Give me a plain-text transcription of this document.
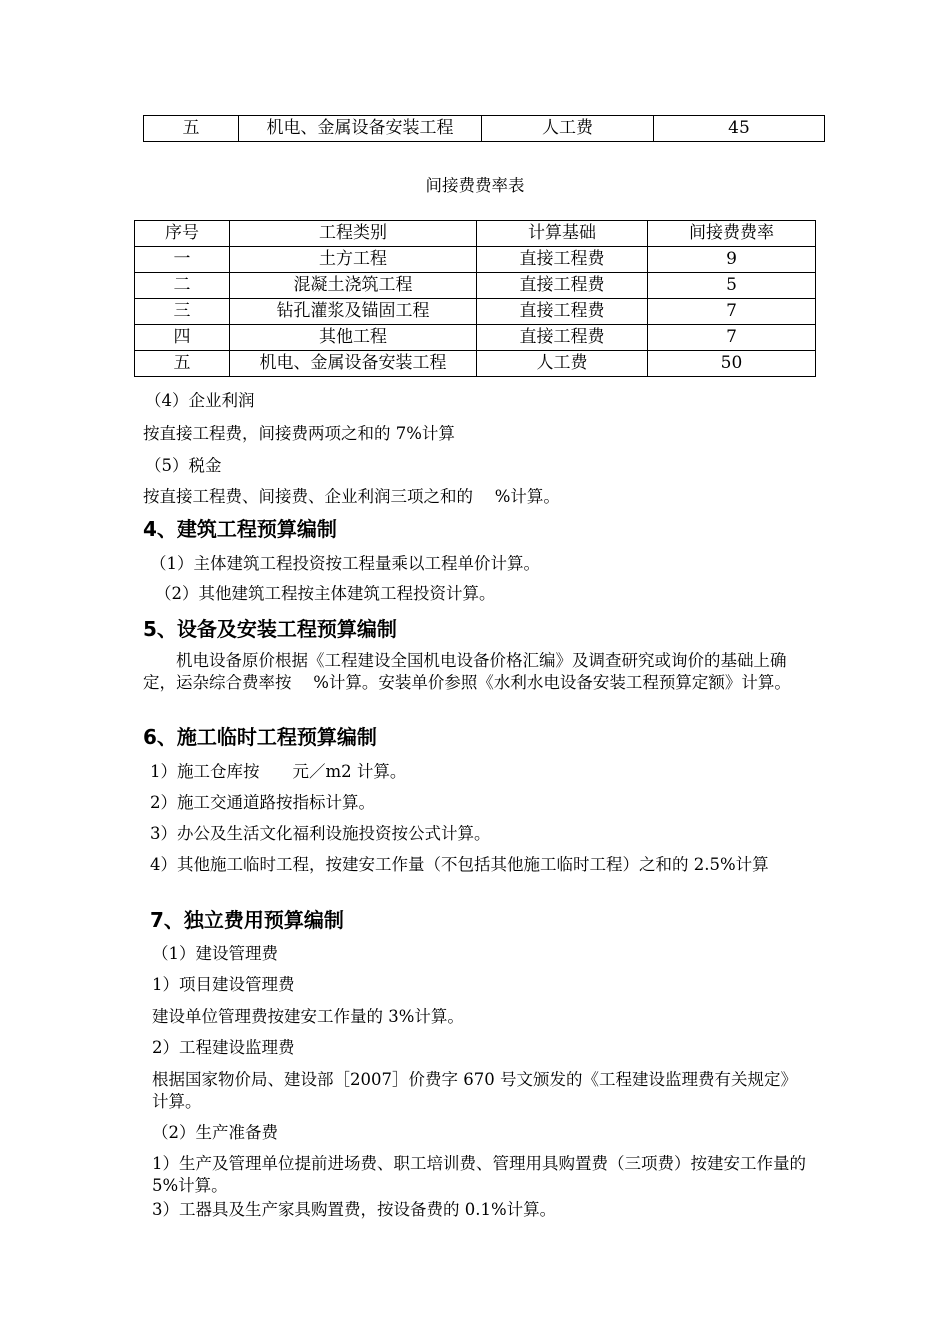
五	机电、金属设备安装工程	人工费	45
间接费费率表
序号	工程类别	计算基础	间接费费率
一	土方工程	直接工程费	9
二	混凝土浇筑工程	直接工程费	5
三	钻孔灌浆及锚固工程	直接工程费	7
四	其他工程	直接工程费	7
五	机电、金属设备安装工程	人工费	50
（4）企业利润
按直接工程费，间接费两项之和的 7%计算
（5）税金
按直接工程费、间接费、企业利润三项之和的　 %计算。
4、建筑工程预算编制
（1）主体建筑工程投资按工程量乘以工程单价计算。
（2）其他建筑工程按主体建筑工程投资计算。
5、设备及安装工程预算编制
　　机电设备原价根据《工程建设全国机电设备价格汇编》及调查研究或询价的基础上确定，运杂综合费率按　 %计算。安装单价参照《水利水电设备安装工程预算定额》计算。
6、施工临时工程预算编制
1）施工仓库按　　元／m2 计算。
2）施工交通道路按指标计算。
3）办公及生活文化福利设施投资按公式计算。
4）其他施工临时工程，按建安工作量（不包括其他施工临时工程）之和的 2.5%计算
7、独立费用预算编制
（1）建设管理费
1）项目建设管理费
建设单位管理费按建安工作量的 3%计算。
2）工程建设监理费
根据国家物价局、建设部［2007］价费字 670 号文颁发的《工程建设监理费有关规定》计算。
（2）生产准备费
1）生产及管理单位提前进场费、职工培训费、管理用具购置费（三项费）按建安工作量的 5%计算。
3）工器具及生产家具购置费，按设备费的 0.1%计算。
